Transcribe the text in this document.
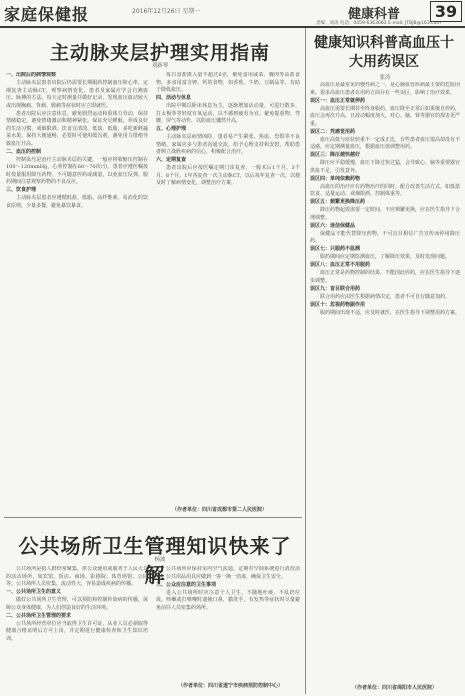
家庭保健报	2016年12月26日 星期一	健康科普	39
责编：刘涛 电话：0459-6363663 E-mail: JTBJB@163.com
主动脉夹层护理实用指南
刘新琴

一、出院后的病情观察

主动脉夹层患者出院后仍需要长期服药控制血压和心率，定期复查主动脉CT，观察病情变化。患者及家属应学会自测血压、脉搏的方法，每天定时测量并做好记录，发现血压波动较大或出现胸痛、背痛、腹痛等症状时应立即就医。

患者出院后应注意休息，避免剧烈运动和重体力劳动，保持情绪稳定，避免情绪激动和精神紧张。保证充足睡眠，养成良好的生活习惯，戒烟限酒。饮食宜清淡、低盐、低脂，多吃新鲜蔬菜水果，保持大便通畅，必要时可使用缓泻剂，避免用力排便导致血压升高。

二、血压的控制

控制血压是治疗主动脉夹层的关键，一般应将收缩压控制在100～120mmHg，心率控制在60～70次/分。患者应遵医嘱按时按量服用降压药物，不可随意停药或减量，以免血压反弹。服药期间注意观察药物的不良反应。

三、饮食护理

主动脉夹层患者应遵循低盐、低脂、高纤维素、易消化的饮食原则，少量多餐，避免暴饮暴食。

每日食盐摄入量不超过6克，避免食用咸菜、腌肉等高盐食物。多食用富含钾、钙的食物，如香蕉、牛奶、豆制品等，有助于降低血压。

四、活动与休息

出院早期以卧床休息为主，逐渐增加活动量，可进行散步、打太极拳等轻度有氧运动，以不感到疲劳为宜。避免提重物、弯腰、屏气等动作，以防血压骤然升高。

五、心理护理

主动脉夹层病情凶险，患者易产生紧张、焦虑、恐惧等不良情绪，家属应多与患者沟通交流，给予心理支持和安慰，帮助患者树立战胜疾病的信心，积极配合治疗。

六、定期复查

患者出院后应按医嘱定期门诊复查，一般术后1个月、3个月、6个月、1年各复查一次主动脉CT，以后每年复查一次，以便及时了解病情变化，调整治疗方案。

（作者单位：四川省成都市第二人民医院）
公共场所卫生管理知识快来了解
杨波

公共场所是指人群经常聚集、供公众使用或服务于人民大众的活动场所，如宾馆、饭店、商场、影剧院、体育场馆、公园等。公共场所人员密集，流动性大，容易造成疾病的传播。

一、公共场所卫生的意义

做好公共场所卫生管理，可以预防和控制传染病的传播，保障公众身体健康，为人们创造良好的生活环境。

二、公共场所卫生管理的要求

公共场所经营单位应当取得卫生许可证，从业人员必须取得健康合格证明后方可上岗，并定期进行健康检查和卫生知识培训。

公共场所应保持室内空气流通，定期对空调系统进行清洗消毒，公共用品用具应做到一客一换一消毒，确保卫生安全。

三、公众应注意的卫生事项

进入公共场所时应注意个人卫生，不随地吐痰，不乱扔垃圾，咳嗽或打喷嚏时遮掩口鼻，勤洗手，有发热等症状时尽量避免前往人员密集的场所。

（作者单位：四川省遂宁市疾病预防控制中心）
健康知识科普高血压十大用药误区
张涛

高血压是最常见的慢性病之一，是心脑血管疾病最主要的危险因素。很多高血压患者在用药方面存在一些误区，影响了治疗效果。

误区一：血压正常就停药

高血压需要长期甚至终身服药，血压降至正常后如果擅自停药，血压会再次升高，且波动幅度加大，对心、脑、肾等器官的损害更严重。

误区二：凭感觉用药

血压高低与症状轻重不一定成正比，有些患者血压很高却没有不适感，应定期测量血压，根据血压值调整用药。

误区三：降压越快越好

降压应平稳缓慢，血压下降过快过猛，会导致心、脑等重要器官供血不足，引发意外。

误区四：单纯依赖药物

高血压的治疗应在药物治疗的同时，配合改善生活方式，如低盐饮食、适量运动、戒烟限酒、控制体重等。

误区五：频繁更换降压药

降压药物起效需要一定时间，不应频繁更换，应在医生指导下合理调整。

误区六：迷信保健品

保健品不能代替降压药物，不可盲目相信广告宣传而停用降压药。

误区七：只服药不监测

服药期间应定期监测血压，了解降压效果，及时发现问题。

误区八：血压正常不用服药

血压正常是药物控制的结果，不能因此停药，应在医生指导下逐步调整。

误区九：盲目联合用药

联合用药应由医生根据病情决定，患者不可自行随意加药。

误区十：忽视药物副作用

服药期间出现不适，应及时就医，在医生指导下调整用药方案。

（作者单位：四川省绵阳市人民医院）
